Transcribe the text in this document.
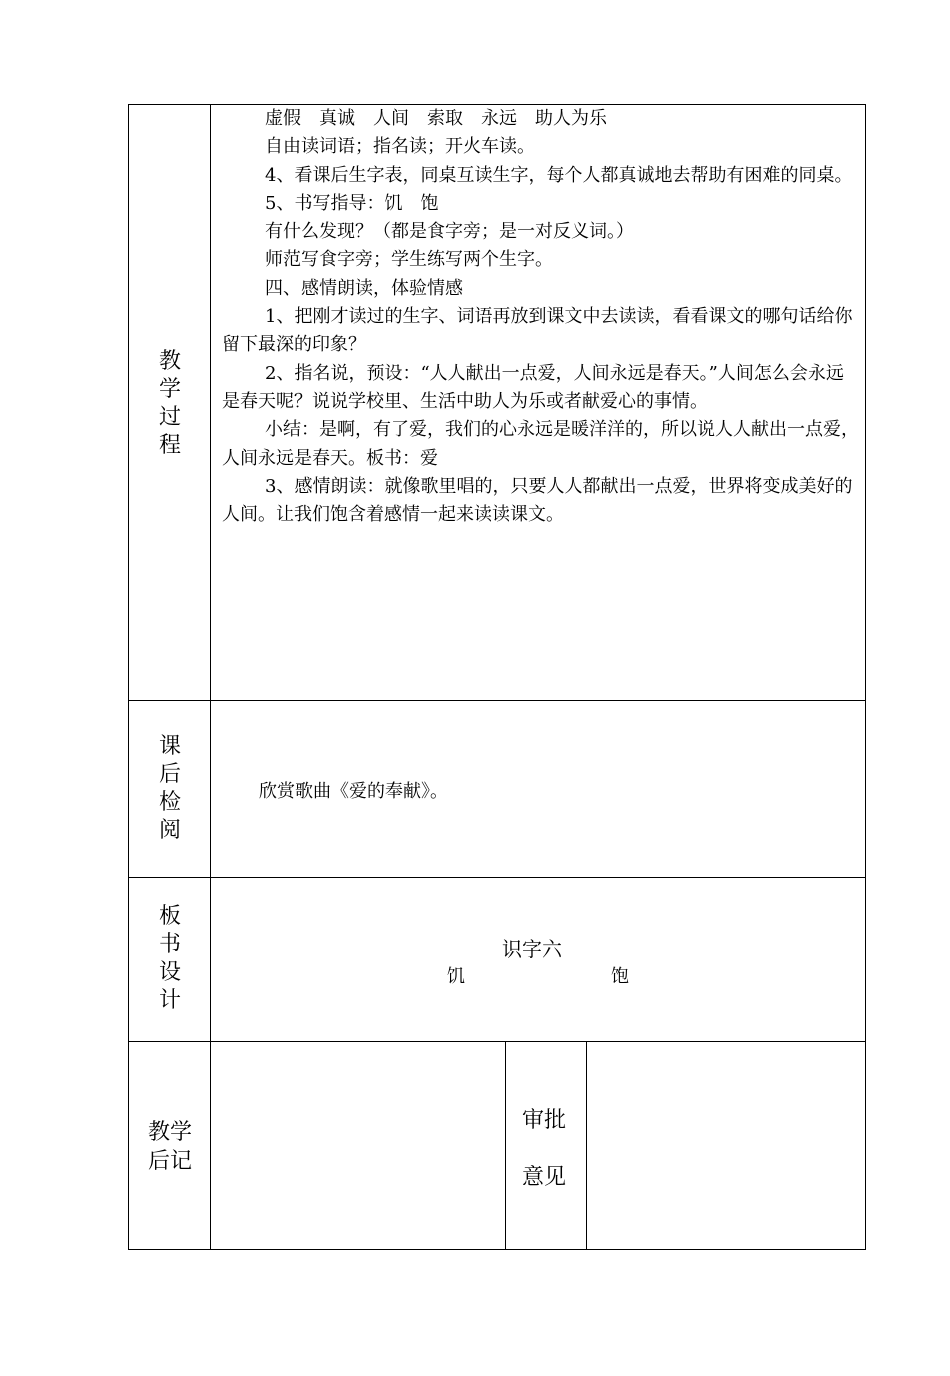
教
学
过
程

虚假　真诚　人间　索取　永远　助人为乐

自由读词语；指名读；开火车读。

4、看课后生字表，同桌互读生字，每个人都真诚地去帮助有困难的同桌。

5、书写指导：饥　饱

有什么发现？（都是食字旁；是一对反义词。）

师范写食字旁；学生练写两个生字。

四、感情朗读，体验情感

1、把刚才读过的生字、词语再放到课文中去读读，看看课文的哪句话给你留下最深的印象？

2、指名说，预设：“人人献出一点爱，人间永远是春天。”人间怎么会永远是春天呢？说说学校里、生活中助人为乐或者献爱心的事情。

小结：是啊，有了爱，我们的心永远是暖洋洋的，所以说人人献出一点爱，人间永远是春天。板书：爱

3、感情朗读：就像歌里唱的，只要人人都献出一点爱，世界将变成美好的人间。让我们饱含着感情一起来读读课文。

课
后
检
阅
欣赏歌曲《爱的奉献》。
板
书
设
计
识字六
饥	饱
教学
后记
审批
意见
